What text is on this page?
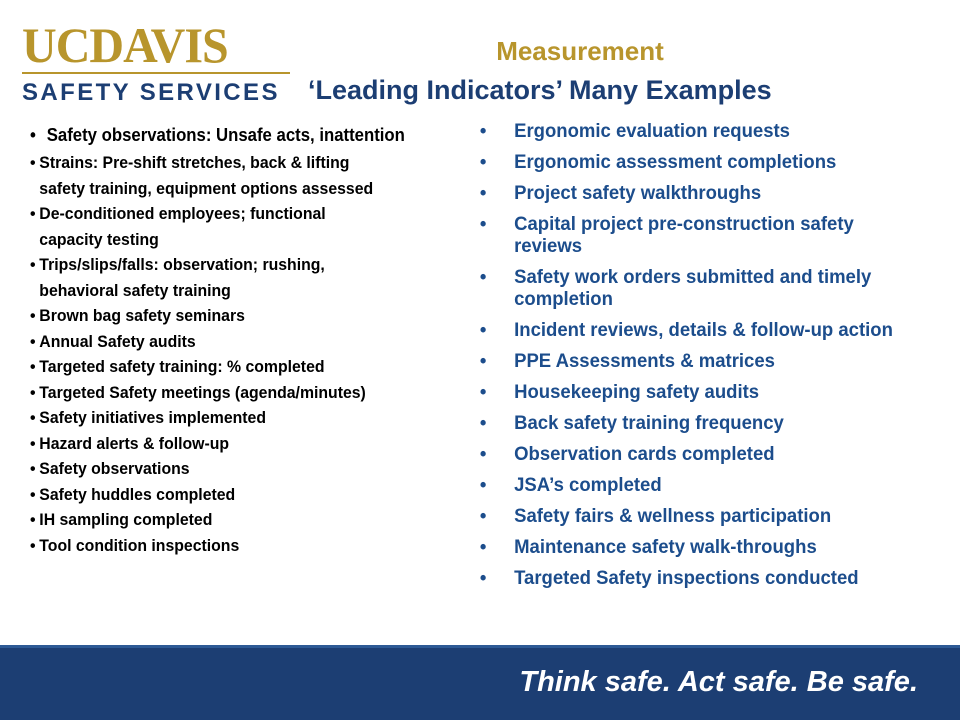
UCDAVIS
SAFETY SERVICES
Measurement
‘Leading Indicators’ Many Examples
• Safety observations: Unsafe acts, inattention
• Strains: Pre-shift stretches, back & lifting
safety training, equipment options assessed
• De-conditioned employees; functional
capacity testing
• Trips/slips/falls: observation; rushing,
behavioral safety training
• Brown bag safety seminars
• Annual Safety audits
• Targeted safety training: % completed
• Targeted Safety meetings (agenda/minutes)
• Safety initiatives implemented
• Hazard alerts & follow-up
• Safety observations
• Safety huddles completed
• IH sampling completed
• Tool condition inspections
• Ergonomic evaluation requests
• Ergonomic assessment completions
• Project safety walkthroughs
• Capital project pre-construction safety reviews
• Safety work orders submitted and timely completion
• Incident reviews, details & follow-up action
• PPE Assessments & matrices
• Housekeeping safety audits
• Back safety training frequency
• Observation cards completed
• JSA’s completed
• Safety fairs & wellness participation
• Maintenance safety walk-throughs
• Targeted Safety inspections conducted
Think safe. Act safe. Be safe.
